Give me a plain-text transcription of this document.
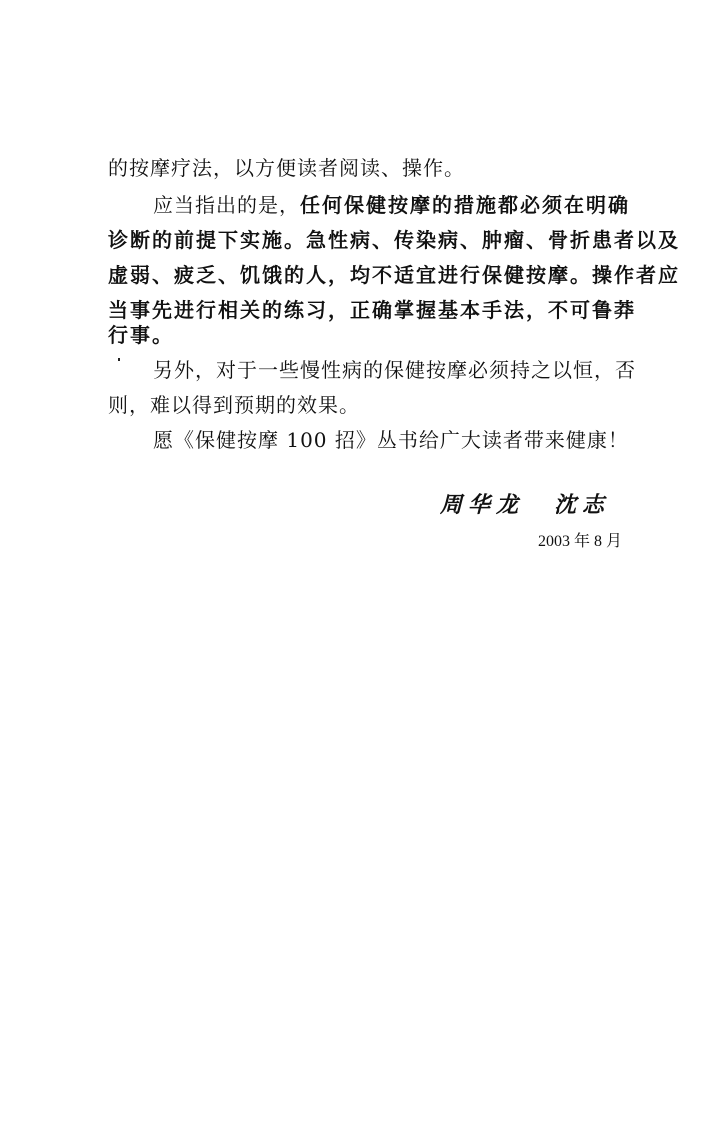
的按摩疗法，以方便读者阅读、操作。
应当指出的是，任何保健按摩的措施都必须在明确
诊断的前提下实施。急性病、传染病、肿瘤、骨折患者以及
虚弱、疲乏、饥饿的人，均不适宜进行保健按摩。操作者应
当事先进行相关的练习，正确掌握基本手法，不可鲁莽
行事。
另外，对于一些慢性病的保健按摩必须持之以恒，否
则，难以得到预期的效果。
愿《保健按摩 100 招》丛书给广大读者带来健康！
周华龙 沈志
2003 年 8 月
